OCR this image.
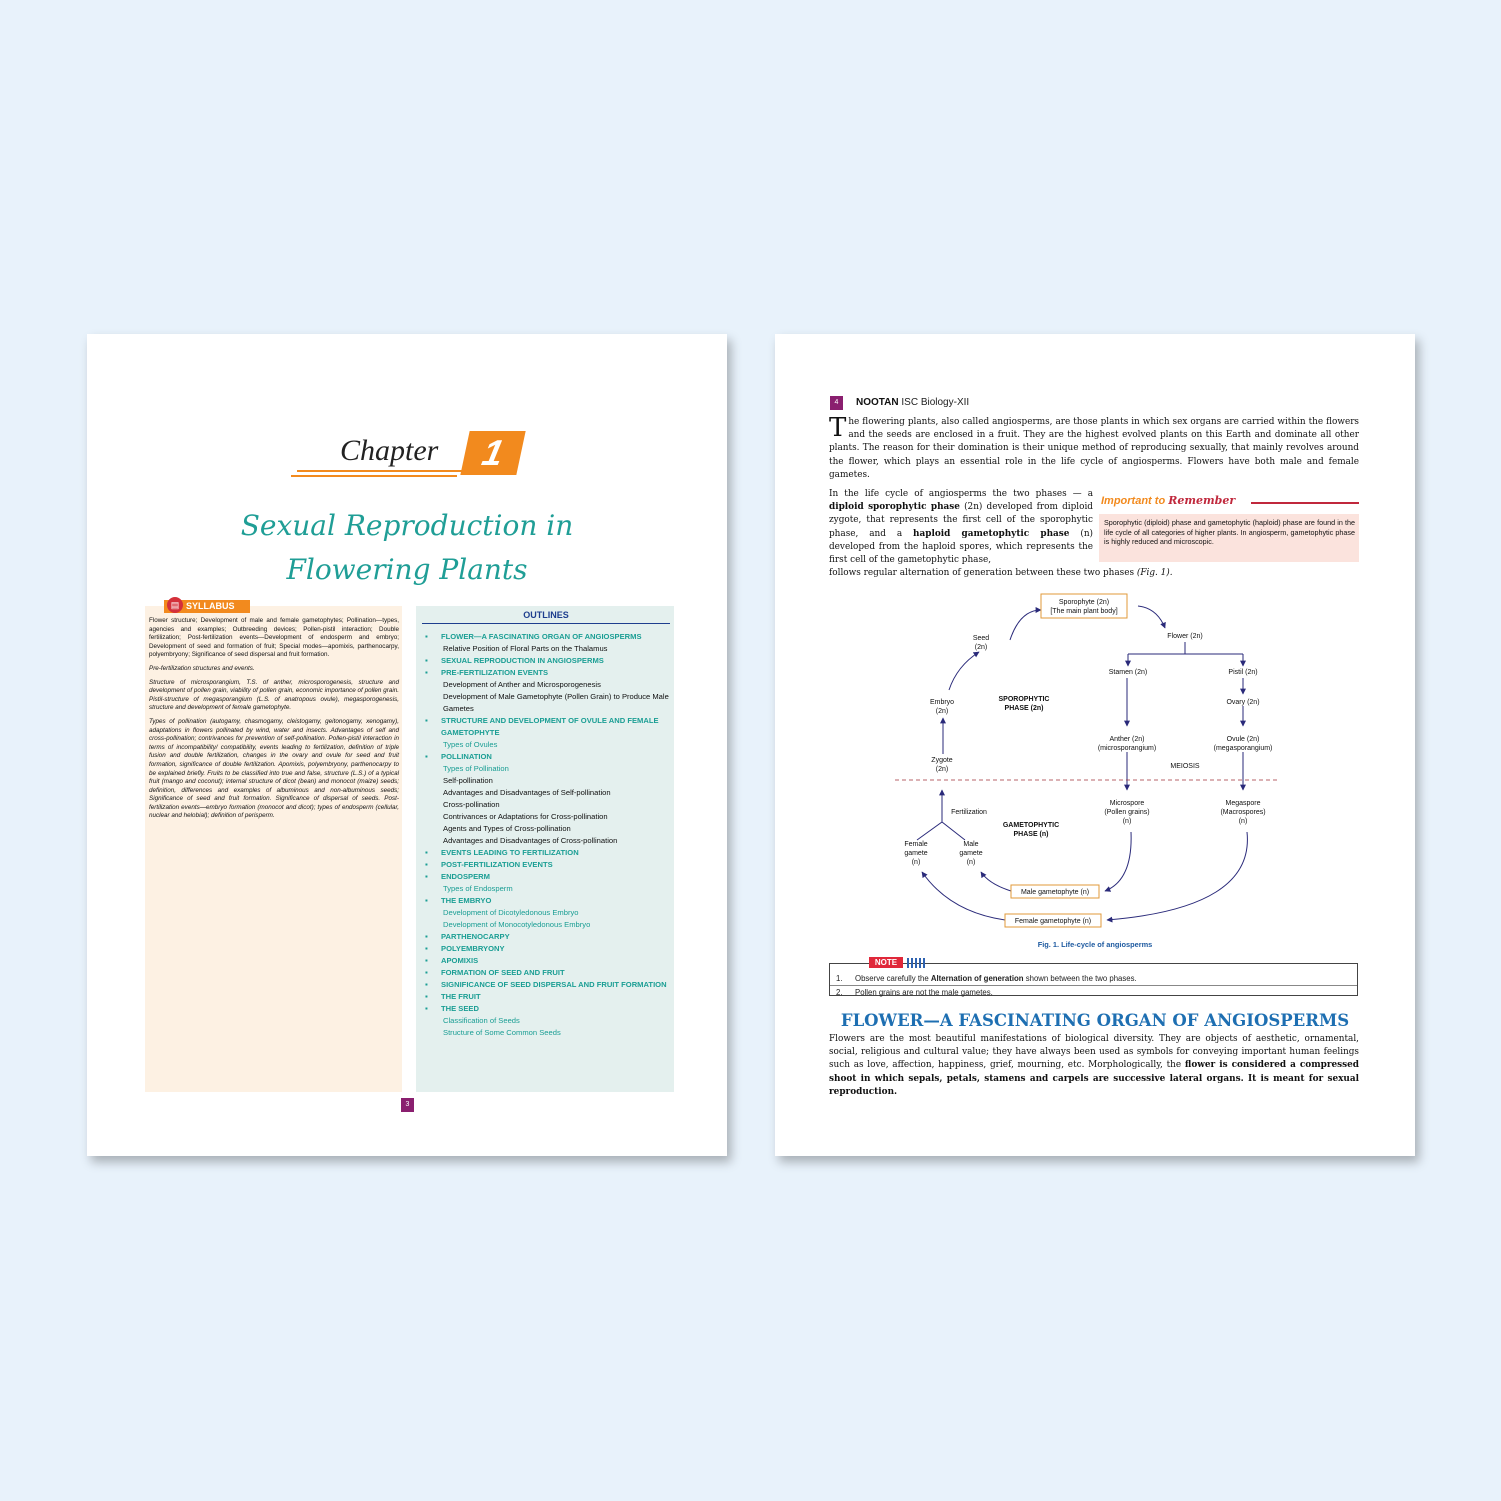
Chapter	1
Sexual Reproduction in
Flowering Plants
SYLLABUS
▤

Flower structure; Development of male and female gametophytes; Pollination—types, agencies and examples; Outbreeding devices; Pollen-pistil interaction; Double fertilization; Post-fertilization events—Development of endosperm and embryo; Development of seed and formation of fruit; Special modes—apomixis, parthenocarpy, polyembryony; Significance of seed dispersal and fruit formation.

Pre-fertilization structures and events.

Structure of microsporangium, T.S. of anther, microsporogenesis, structure and development of pollen grain, viability of pollen grain, economic importance of pollen grain. Pistil-structure of megasporangium (L.S. of anatropous ovule), megasporogenesis, structure and development of female gametophyte.

Types of pollination (autogamy, chasmogamy, cleistogamy, geitonogamy, xenogamy), adaptations in flowers pollinated by wind, water and insects. Advantages of self and cross-pollination; contrivances for prevention of self-pollination. Pollen-pistil interaction in terms of incompatibility/ compatibility, events leading to fertilization, definition of triple fusion and double fertilization, changes in the ovary and ovule for seed and fruit formation, significance of double fertilization. Apomixis, polyembryony, parthenocarpy to be explained briefly. Fruits to be classified into true and false, structure (L.S.) of a typical fruit (mango and coconut); internal structure of dicot (bean) and monocot (maize) seeds; definition, differences and examples of albuminous and non-albuminous seeds; Significance of seed and fruit formation. Significance of dispersal of seeds. Post-fertilization events—embryo formation (monocot and dicot); types of endosperm (cellular, nuclear and helobial); definition of perisperm.

OUTLINES
▪ FLOWER—A FASCINATING ORGAN OF ANGIOSPERMS
Relative Position of Floral Parts on the Thalamus
▪ SEXUAL REPRODUCTION IN ANGIOSPERMS
▪ PRE-FERTILIZATION EVENTS
Development of Anther and Microsporogenesis
Development of Male Gametophyte (Pollen Grain) to Produce Male Gametes
▪ STRUCTURE AND DEVELOPMENT OF OVULE AND FEMALE GAMETOPHYTE
Types of Ovules
▪ POLLINATION
Types of Pollination
Self-pollination
Advantages and Disadvantages of Self-pollination
Cross-pollination
Contrivances or Adaptations for Cross-pollination
Agents and Types of Cross-pollination
Advantages and Disadvantages of Cross-pollination
▪ EVENTS LEADING TO FERTILIZATION
▪ POST-FERTILIZATION EVENTS
▪ ENDOSPERM
Types of Endosperm
▪ THE EMBRYO
Development of Dicotyledonous Embryo
Development of Monocotyledonous Embryo
▪ PARTHENOCARPY
▪ POLYEMBRYONY
▪ APOMIXIS
▪ FORMATION OF SEED AND FRUIT
▪ SIGNIFICANCE OF SEED DISPERSAL AND FRUIT FORMATION
▪ THE FRUIT
▪ THE SEED
Classification of Seeds
Structure of Some Common Seeds
3
4	NOOTAN ISC Biology-XII
The flowering plants, also called angiosperms, are those plants in which sex organs are carried within the flowers and the seeds are enclosed in a fruit. They are the highest evolved plants on this Earth and dominate all other plants. The reason for their domination is their unique method of reproducing sexually, that mainly revolves around the flower, which plays an essential role in the life cycle of angiosperms. Flowers have both male and female gametes.
In the life cycle of angiosperms the two phases — a diploid sporophytic phase (2n) developed from diploid zygote, that represents the first cell of the sporophytic phase, and a haploid gametophytic phase (n) developed from the haploid spores, which represents the first cell of the gametophytic phase,
follows regular alternation of generation between these two phases (Fig. 1).
Important to Remember
Sporophytic (diploid) phase and gametophytic (haploid) phase are found in the life cycle of all categories of higher plants. In angiosperm, gametophytic phase is highly reduced and microscopic.
Sporophyte (2n)
[The main plant body]
Flower (2n)
Stamen (2n)	Pistil (2n)
Ovary (2n)
Anther (2n)
(microsporangium)
Ovule (2n)
(megasporangium)
MEIOSIS
Microspore
(Pollen grains)
(n)
Megaspore
(Macrospores)
(n)
Seed
(2n)
Embryo
(2n)
Zygote
(2n)
SPOROPHYTIC
PHASE (2n)
Fertilization
GAMETOPHYTIC
PHASE (n)
Female
gamete
(n)
Male
gamete
(n)
Male gametophyte (n)
Female gametophyte (n)
Fig. 1. Life-cycle of angiosperms
1. Observe carefully the Alternation of generation shown between the two phases.
2. Pollen grains are not the male gametes.
NOTE
FLOWER—A FASCINATING ORGAN OF ANGIOSPERMS
Flowers are the most beautiful manifestations of biological diversity. They are objects of aesthetic, ornamental, social, religious and cultural value; they have always been used as symbols for conveying important human feelings such as love, affection, happiness, grief, mourning, etc. Morphologically, the flower is considered a compressed shoot in which sepals, petals, stamens and carpels are successive lateral organs. It is meant for sexual reproduction.
